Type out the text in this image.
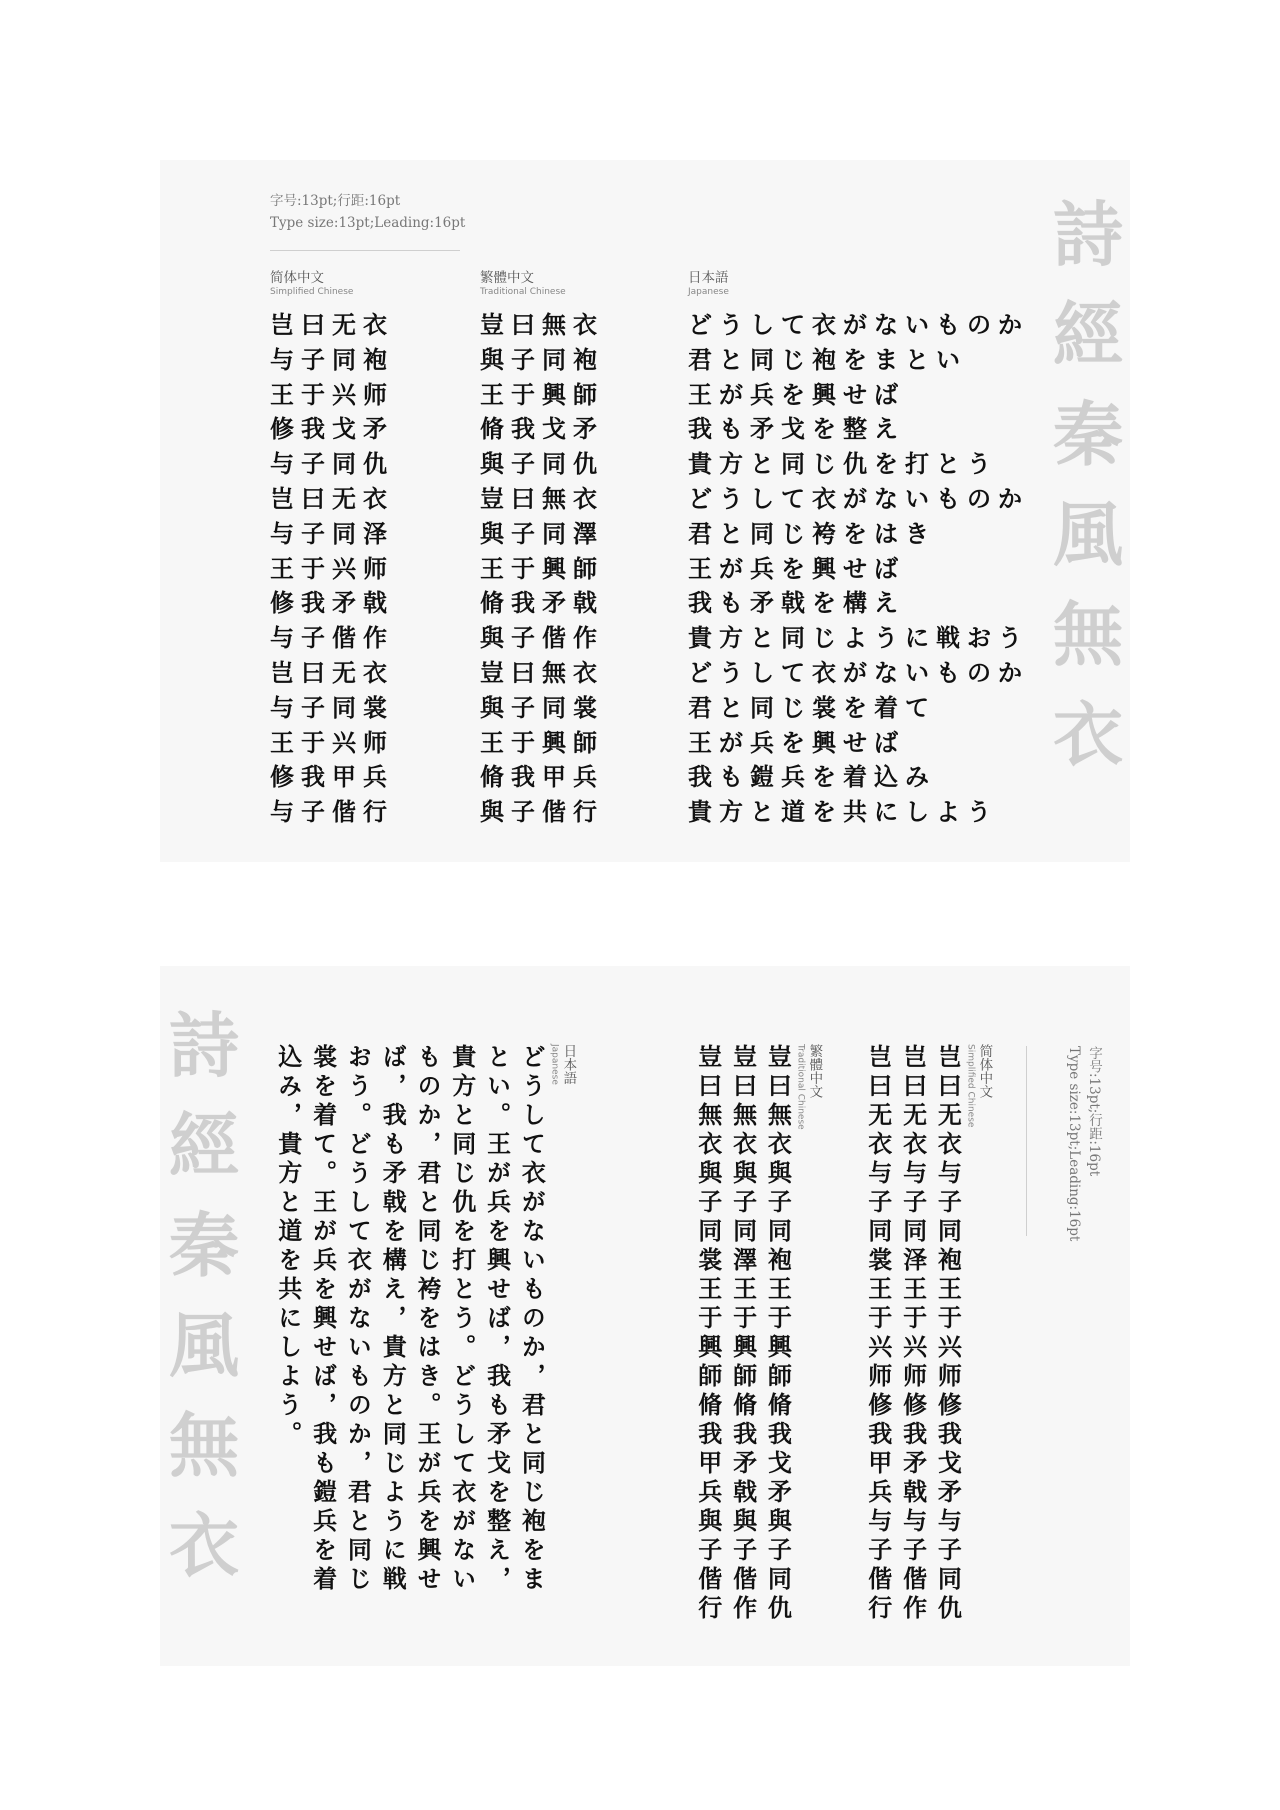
字号:13pt;行距:16pt
Type size:13pt;Leading:16pt
简体中文
Simplified Chinese
岂曰无衣
与子同袍
王于兴师
修我戈矛
与子同仇
岂曰无衣
与子同泽
王于兴师
修我矛戟
与子偕作
岂曰无衣
与子同裳
王于兴师
修我甲兵
与子偕行
繁體中文
Traditional Chinese
豈曰無衣
與子同袍
王于興師
脩我戈矛
與子同仇
豈曰無衣
與子同澤
王于興師
脩我矛戟
與子偕作
豈曰無衣
與子同裳
王于興師
脩我甲兵
與子偕行
日本語
Japanese
どうして衣がないものか
君と同じ袍をまとい
王が兵を興せば
我も矛戈を整え
貴方と同じ仇を打とう
どうして衣がないものか
君と同じ袴をはき
王が兵を興せば
我も矛戟を構え
貴方と同じように戦おう
どうして衣がないものか
君と同じ裳を着て
王が兵を興せば
我も鎧兵を着込み
貴方と道を共にしよう
詩
經
秦
風
無
衣
字号:13pt;行距:16pt
Type size:13pt;Leading:16pt
简体中文
Simplified Chinese
岂曰无衣与子同袍王于兴师修我戈矛与子同仇
岂曰无衣与子同泽王于兴师修我矛戟与子偕作
岂曰无衣与子同裳王于兴师修我甲兵与子偕行
繁體中文
Traditional Chinese
豈曰無衣與子同袍王于興師脩我戈矛與子同仇
豈曰無衣與子同澤王于興師脩我矛戟與子偕作
豈曰無衣與子同裳王于興師脩我甲兵與子偕行
日本語
Japanese
どうして衣がないものか，君と同じ袍をまとい。王が兵を興せば，我も矛戈を整え，貴方と同じ仇を打とう。どうして衣がないものか，君と同じ袴をはき。王が兵を興せば，我も矛戟を構え，貴方と同じように戦おう。どうして衣がないものか，君と同じ裳を着て。王が兵を興せば，我も鎧兵を着込み，貴方と道を共にしよう。
詩
經
秦
風
無
衣
